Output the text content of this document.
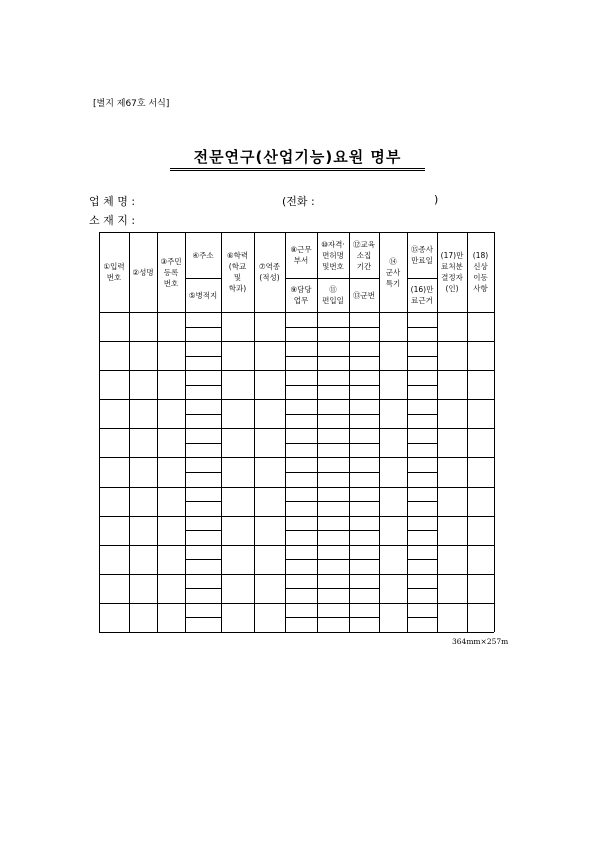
[별지 제67호 서식]
전문연구(산업기능)요원 명부
업 체 명 :	(전화 :	)
소 재 지 :
①입력
번호
②성명
③주민
등록
번호
④주소
⑤병적지
⑥학력
(학교
및
학과)
⑦역종
(적성)
⑧근무
부서
⑨담당
업무
⑩자격·
면허명
및번호
⑪
편입일
⑫교육
소집
기간
⑬군번
⑭
군사
특기
⑮종사
만료일
(16)만
료근거
(17)만
료처분
결정자
(인)
(18)
신상
이동
사항
364mm×257m
